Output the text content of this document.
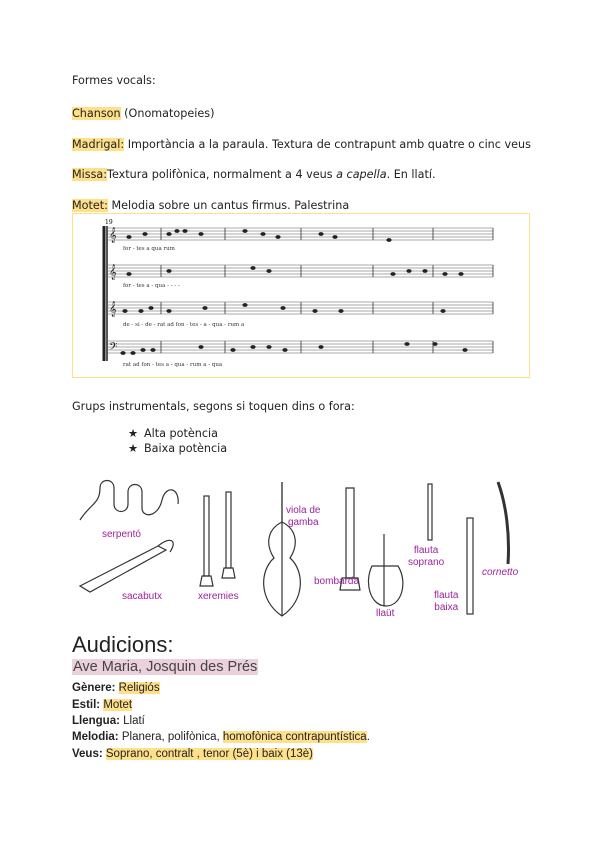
Formes vocals:
Chanson (Onomatopeies)
Madrigal: Importància a la paraula. Textura de contrapunt amb quatre o cinc veus
Missa:Textura polifònica, normalment a 4 veus a capella. En llatí.
Motet: Melodia sobre un cantus firmus. Palestrina
19
𝄞
𝄞
𝄞
𝄢
for - tes a qua rum
for - tes a - qua - - - -
de - si - de - rat ad fon - tes - a - qua - rum a
rat ad fon - tes a - qua - rum a - qua
Grups instrumentals, segons si toquen dins o fora:
★ Alta potència
★ Baixa potència
serpentó
sacabutx	xeremies
viola de
gamba
bombarda
llaüt
flauta
soprano
flauta
baixa
cornetto
Audicions:
Ave Maria, Josquin des Prés
Gènere: Religiós
Estil: Motet
Llengua: Llatí
Melodia: Planera, polifònica, homofònica contrapuntística.
Veus: Soprano, contralt , tenor (5è) i baix (13è)
